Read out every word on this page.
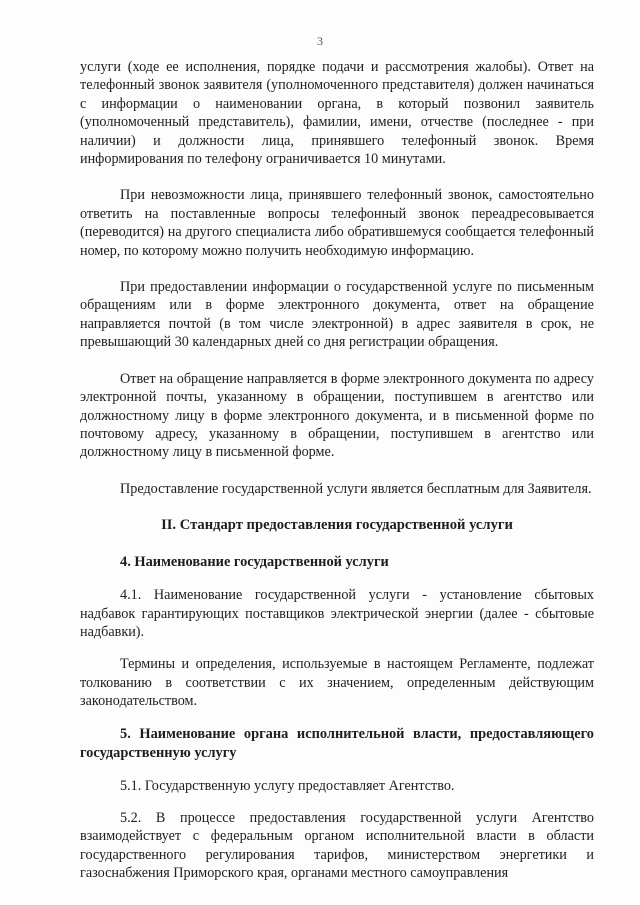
3

услуги (ходе ее исполнения, порядке подачи и рассмотрения жалобы). Ответ на телефонный звонок заявителя (уполномоченного представителя) должен начинаться с информации о наименовании органа, в который позвонил заявитель (уполномоченный представитель), фамилии, имени, отчестве (последнее - при наличии) и должности лица, принявшего телефонный звонок. Время информирования по телефону ограничивается 10 минутами.

При невозможности лица, принявшего телефонный звонок, самостоятельно ответить на поставленные вопросы телефонный звонок переадресовывается (переводится) на другого специалиста либо обратившемуся сообщается телефонный номер, по которому можно получить необходимую информацию.

При предоставлении информации о государственной услуге по письменным обращениям или в форме электронного документа, ответ на обращение направляется почтой (в том числе электронной) в адрес заявителя в срок, не превышающий 30 календарных дней со дня регистрации обращения.

Ответ на обращение направляется в форме электронного документа по адресу электронной почты, указанному в обращении, поступившем в агентство или должностному лицу в форме электронного документа, и в письменной форме по почтовому адресу, указанному в обращении, поступившем в агентство или должностному лицу в письменной форме.

Предоставление государственной услуги является бесплатным для Заявителя.

II. Стандарт предоставления государственной услуги
4. Наименование государственной услуги

4.1. Наименование государственной услуги - установление сбытовых надбавок гарантирующих поставщиков электрической энергии (далее - сбытовые надбавки).

Термины и определения, используемые в настоящем Регламенте, подлежат толкованию в соответствии с их значением, определенным действующим законодательством.

5. Наименование органа исполнительной власти, предоставляющего государственную услугу

5.1. Государственную услугу предоставляет Агентство.

5.2. В процессе предоставления государственной услуги Агентство взаимодействует с федеральным органом исполнительной власти в области государственного регулирования тарифов, министерством энергетики и газоснабжения Приморского края, органами местного самоуправления
